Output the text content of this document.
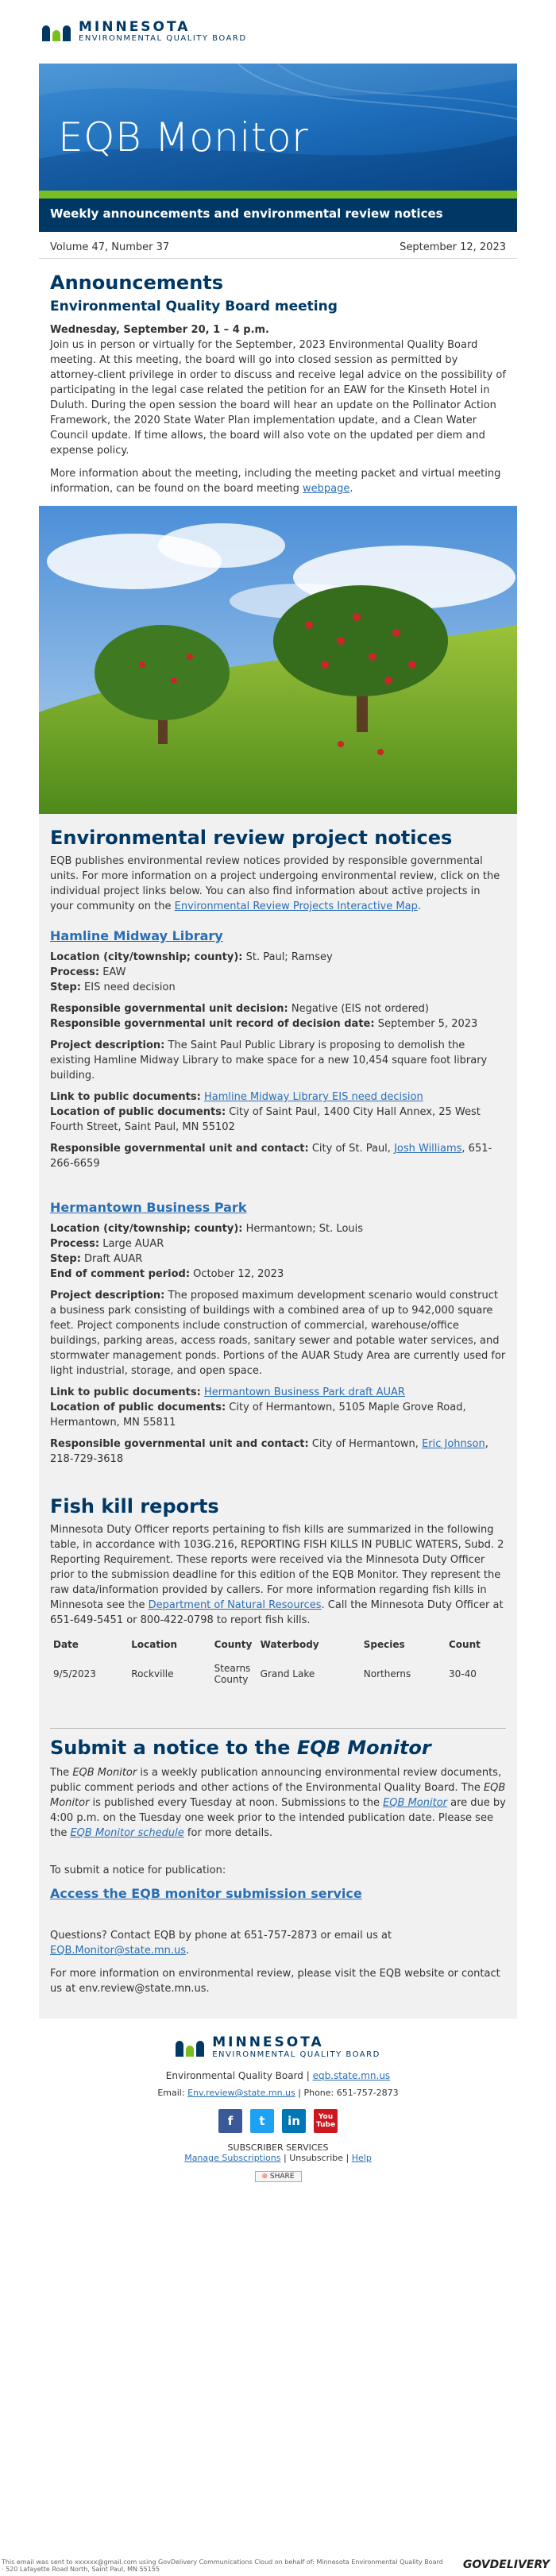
MINNESOTA
ENVIRONMENTAL QUALITY BOARD
EQB Monitor
Weekly announcements and environmental review notices
Volume 47, Number 37	September 12, 2023
Announcements
Environmental Quality Board meeting

Wednesday, September 20, 1 – 4 p.m.

Join us in person or virtually for the September, 2023 Environmental Quality Board meeting. At this meeting, the board will go into closed session as permitted by attorney-client privilege in order to discuss and receive legal advice on the possibility of participating in the legal case related the petition for an EAW for the Kinseth Hotel in Duluth. During the open session the board will hear an update on the Pollinator Action Framework, the 2020 State Water Plan implementation update, and a Clean Water Council update. If time allows, the board will also vote on the updated per diem and expense policy.

More information about the meeting, including the meeting packet and virtual meeting information, can be found on the board meeting webpage.

Environmental review project notices

EQB publishes environmental review notices provided by responsible governmental units. For more information on a project undergoing environmental review, click on the individual project links below. You can also find information about active projects in your community on the Environmental Review Projects Interactive Map.

Hamline Midway Library

Location (city/township; county): St. Paul; Ramsey

Process: EAW

Step: EIS need decision

Responsible governmental unit decision: Negative (EIS not ordered)

Responsible governmental unit record of decision date: September 5, 2023

Project description: The Saint Paul Public Library is proposing to demolish the existing Hamline Midway Library to make space for a new 10,454 square foot library building.

Link to public documents: Hamline Midway Library EIS need decision

Location of public documents: City of Saint Paul, 1400 City Hall Annex, 25 West Fourth Street, Saint Paul, MN 55102

Responsible governmental unit and contact: City of St. Paul, Josh Williams, 651-266-6659

Hermantown Business Park

Location (city/township; county): Hermantown; St. Louis

Process: Large AUAR

Step: Draft AUAR

End of comment period: October 12, 2023

Project description: The proposed maximum development scenario would construct a business park consisting of buildings with a combined area of up to 942,000 square feet. Project components include construction of commercial, warehouse/office buildings, parking areas, access roads, sanitary sewer and potable water services, and stormwater management ponds. Portions of the AUAR Study Area are currently used for light industrial, storage, and open space.

Link to public documents: Hermantown Business Park draft AUAR

Location of public documents: City of Hermantown, 5105 Maple Grove Road, Hermantown, MN 55811

Responsible governmental unit and contact: City of Hermantown, Eric Johnson, 218-729-3618

Fish kill reports

Minnesota Duty Officer reports pertaining to fish kills are summarized in the following table, in accordance with 103G.216, REPORTING FISH KILLS IN PUBLIC WATERS, Subd. 2 Reporting Requirement. These reports were received via the Minnesota Duty Officer prior to the submission deadline for this edition of the EQB Monitor. They represent the raw data/information provided by callers. For more information regarding fish kills in Minnesota see the Department of Natural Resources. Call the Minnesota Duty Officer at 651-649-5451 or 800-422-0798 to report fish kills.

Date	Location	County	Waterbody	Species	Count
9/5/2023	Rockville	Stearns County	Grand Lake	Northerns	30-40
Submit a notice to the EQB Monitor

The EQB Monitor is a weekly publication announcing environmental review documents, public comment periods and other actions of the Environmental Quality Board. The EQB Monitor is published every Tuesday at noon. Submissions to the EQB Monitor are due by 4:00 p.m. on the Tuesday one week prior to the intended publication date. Please see the EQB Monitor schedule for more details.

To submit a notice for publication:

Access the EQB monitor submission service

Questions? Contact EQB by phone at 651-757-2873 or email us at EQB.Monitor@state.mn.us.

For more information on environmental review, please visit the EQB website or contact us at env.review@state.mn.us.

MINNESOTA
ENVIRONMENTAL QUALITY BOARD
Environmental Quality Board | eqb.state.mn.us
Email: Env.review@state.mn.us | Phone: 651-757-2873
f	t	in	You Tube
SUBSCRIBER SERVICES
Manage Subscriptions | Unsubscribe | Help
⊕ SHARE
This email was sent to xxxxxx@gmail.com using GovDelivery Communications Cloud on behalf of: Minnesota Environmental Quality Board · 520 Lafayette Road North, Saint Paul, MN 55155	GOVDELIVERY
